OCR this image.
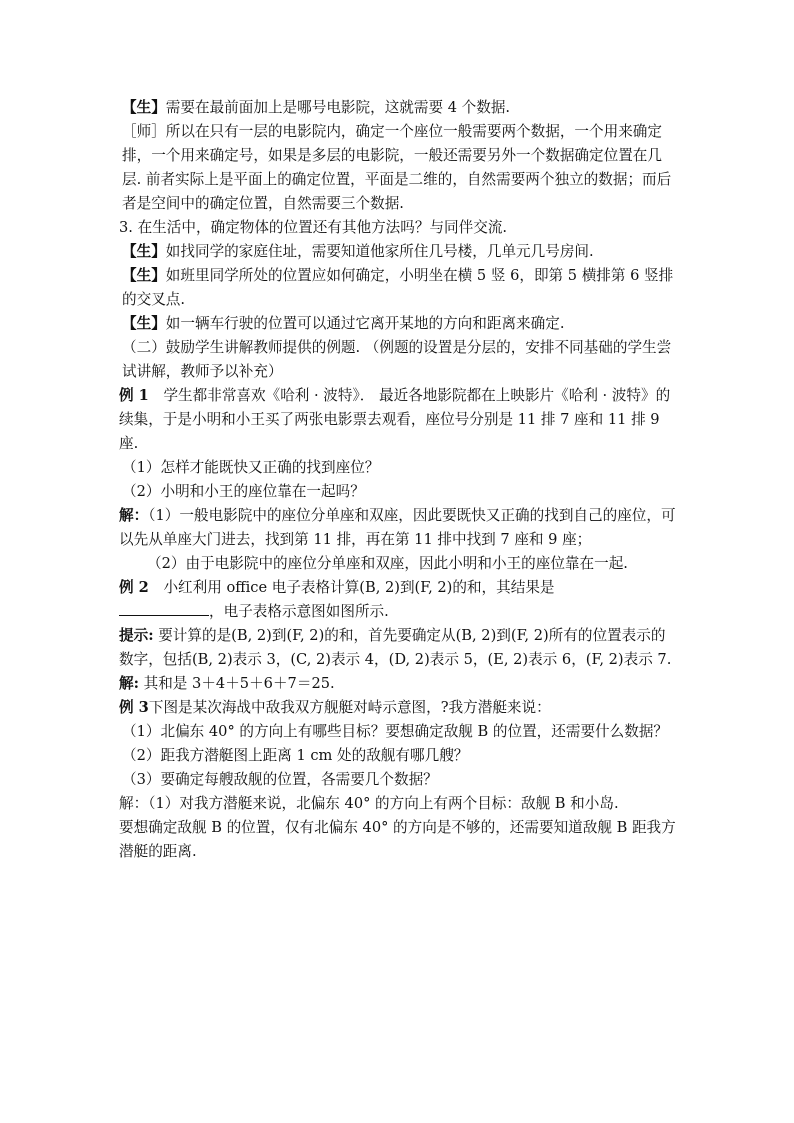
【生】需要在最前面加上是哪号电影院，这就需要 4 个数据.

［师］所以在只有一层的电影院内，确定一个座位一般需要两个数据，一个用来确定排，一个用来确定号，如果是多层的电影院，一般还需要另外一个数据确定位置在几层. 前者实际上是平面上的确定位置，平面是二维的，自然需要两个独立的数据；而后者是空间中的确定位置，自然需要三个数据.

3. 在生活中，确定物体的位置还有其他方法吗？与同伴交流.

【生】如找同学的家庭住址，需要知道他家所住几号楼，几单元几号房间.

【生】如班里同学所处的位置应如何确定，小明坐在横 5 竖 6，即第 5 横排第 6 竖排的交叉点.

【生】如一辆车行驶的位置可以通过它离开某地的方向和距离来确定.

（二）鼓励学生讲解教师提供的例题. （例题的设置是分层的，安排不同基础的学生尝试讲解，教师予以补充）

例 1　学生都非常喜欢《哈利 · 波特》． 最近各地影院都在上映影片《哈利 · 波特》的续集，于是小明和小王买了两张电影票去观看，座位号分别是 11 排 7 座和 11 排 9 座.

（1）怎样才能既快又正确的找到座位？

（2）小明和小王的座位靠在一起吗？

解：（1）一般电影院中的座位分单座和双座，因此要既快又正确的找到自己的座位，可以先从单座大门进去，找到第 11 排，再在第 11 排中找到 7 座和 9 座；

（2）由于电影院中的座位分单座和双座，因此小明和小王的座位靠在一起.

例 2　小红利用 office 电子表格计算(B, 2)到(F, 2)的和，其结果是
，电子表格示意图如图所示.

提示: 要计算的是(B, 2)到(F, 2)的和，首先要确定从(B, 2)到(F, 2)所有的位置表示的数字，包括(B, 2)表示 3，(C, 2)表示 4，(D, 2)表示 5，(E, 2)表示 6，(F, 2)表示 7.

解: 其和是 3＋4＋5＋6＋7＝25.

例 3下图是某次海战中敌我双方舰艇对峙示意图，?我方潜艇来说：

（1）北偏东 40° 的方向上有哪些目标？要想确定敌舰 B 的位置，还需要什么数据？

（2）距我方潜艇图上距离 1 cm 处的敌舰有哪几艘？

（3）要确定每艘敌舰的位置，各需要几个数据？

解：（1）对我方潜艇来说，北偏东 40° 的方向上有两个目标：敌舰 B 和小岛.

要想确定敌舰 B 的位置，仅有北偏东 40° 的方向是不够的，还需要知道敌舰 B 距我方潜艇的距离.
